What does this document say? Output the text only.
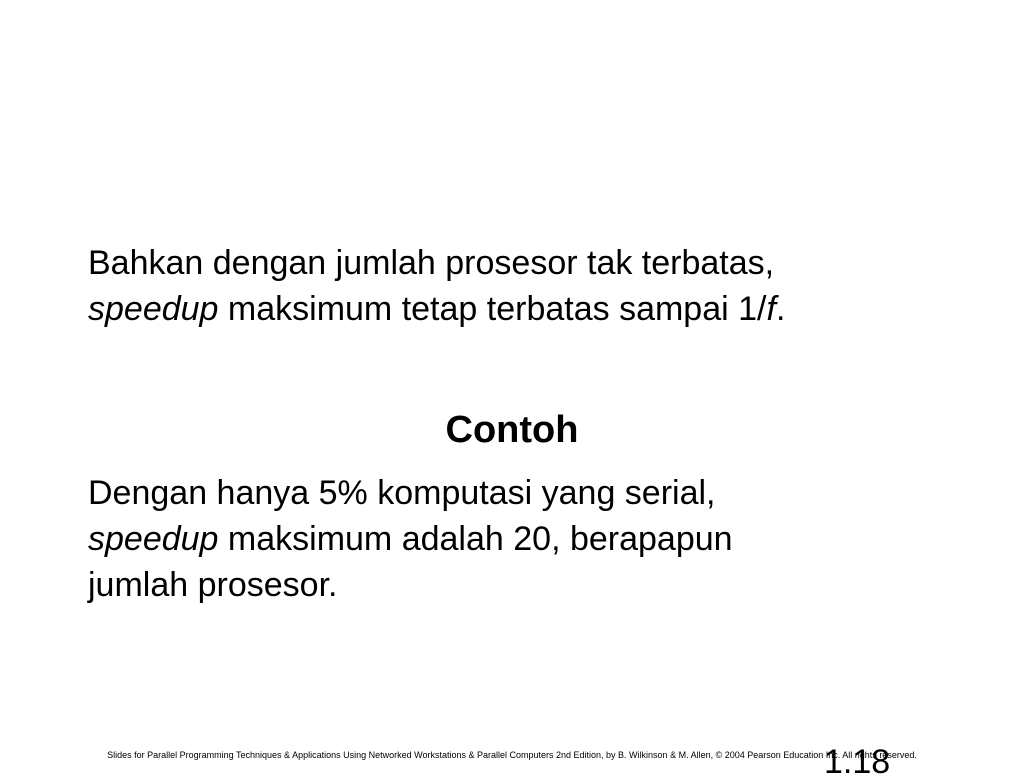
Bahkan dengan jumlah prosesor tak terbatas,
speedup maksimum tetap terbatas sampai 1/f.

Contoh

Dengan hanya 5% komputasi yang serial,
speedup maksimum adalah 20, berapapun
jumlah prosesor.

1.18
Slides for Parallel Programming Techniques & Applications Using Networked Workstations & Parallel Computers 2nd Edition, by B. Wilkinson & M. Allen, © 2004 Pearson Education Inc. All rights reserved.
